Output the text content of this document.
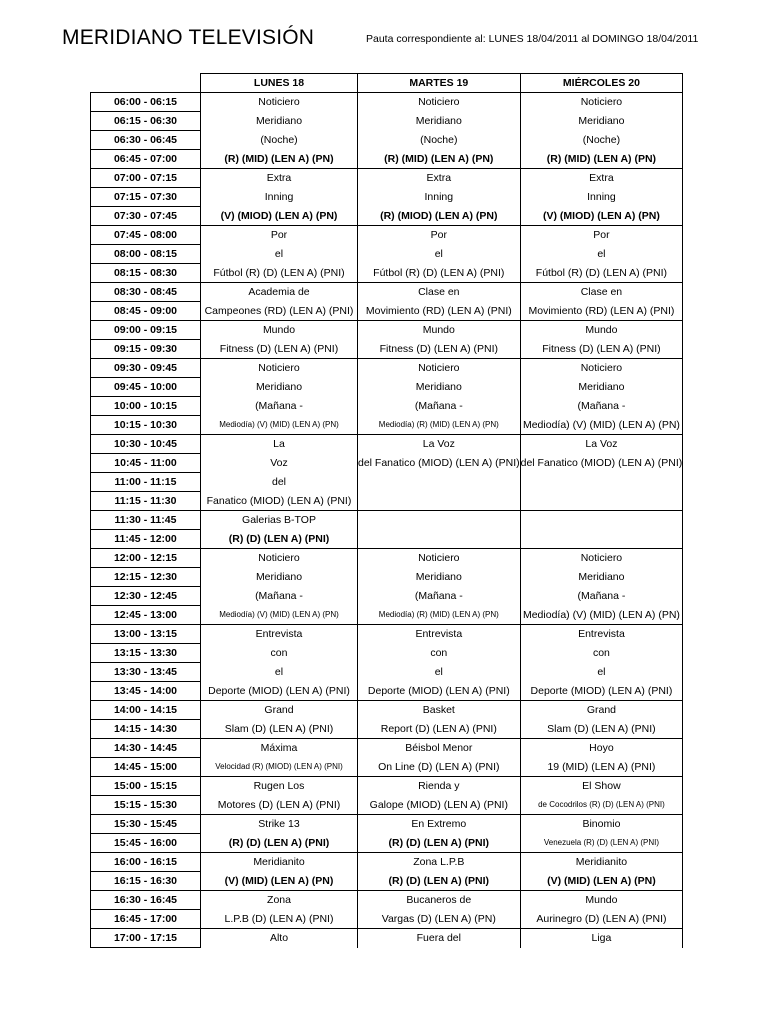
MERIDIANO TELEVISIÓN	Pauta correspondiente al: LUNES 18/04/2011 al DOMINGO 18/04/2011
	LUNES 18	MARTES 19	MIÉRCOLES 20
06:00 - 06:15	Noticiero	Noticiero	Noticiero
06:15 - 06:30	Meridiano	Meridiano	Meridiano
06:30 - 06:45	(Noche)	(Noche)	(Noche)
06:45 - 07:00	(R) (MID) (LEN A) (PN)	(R) (MID) (LEN A) (PN)	(R) (MID) (LEN A) (PN)
07:00 - 07:15	Extra	Extra	Extra
07:15 - 07:30	Inning	Inning	Inning
07:30 - 07:45	(V) (MIOD) (LEN A) (PN)	(R) (MIOD) (LEN A) (PN)	(V) (MIOD) (LEN A) (PN)
07:45 - 08:00	Por	Por	Por
08:00 - 08:15	el	el	el
08:15 - 08:30	Fútbol (R) (D) (LEN A) (PNI)	Fútbol (R) (D) (LEN A) (PNI)	Fútbol (R) (D) (LEN A) (PNI)
08:30 - 08:45	Academia de	Clase en	Clase en
08:45 - 09:00	Campeones (RD) (LEN A) (PNI)	Movimiento (RD) (LEN A) (PNI)	Movimiento (RD) (LEN A) (PNI)
09:00 - 09:15	Mundo	Mundo	Mundo
09:15 - 09:30	Fitness (D) (LEN A) (PNI)	Fitness (D) (LEN A) (PNI)	Fitness (D) (LEN A) (PNI)
09:30 - 09:45	Noticiero	Noticiero	Noticiero
09:45 - 10:00	Meridiano	Meridiano	Meridiano
10:00 - 10:15	(Mañana -	(Mañana -	(Mañana -
10:15 - 10:30	Mediodía) (V) (MID) (LEN A) (PN)	Mediodía) (R) (MID) (LEN A) (PN)	Mediodía) (V) (MID) (LEN A) (PN)
10:30 - 10:45	La	La Voz	La Voz
10:45 - 11:00	Voz	del Fanatico (MIOD) (LEN A) (PNI)	del Fanatico (MIOD) (LEN A) (PNI)
11:00 - 11:15	del		
11:15 - 11:30	Fanatico (MIOD) (LEN A) (PNI)		
11:30 - 11:45	Galerias B-TOP		
11:45 - 12:00	(R) (D) (LEN A) (PNI)		
12:00 - 12:15	Noticiero	Noticiero	Noticiero
12:15 - 12:30	Meridiano	Meridiano	Meridiano
12:30 - 12:45	(Mañana -	(Mañana -	(Mañana -
12:45 - 13:00	Mediodía) (V) (MID) (LEN A) (PN)	Mediodía) (R) (MID) (LEN A) (PN)	Mediodía) (V) (MID) (LEN A) (PN)
13:00 - 13:15	Entrevista	Entrevista	Entrevista
13:15 - 13:30	con	con	con
13:30 - 13:45	el	el	el
13:45 - 14:00	Deporte (MIOD) (LEN A) (PNI)	Deporte (MIOD) (LEN A) (PNI)	Deporte (MIOD) (LEN A) (PNI)
14:00 - 14:15	Grand	Basket	Grand
14:15 - 14:30	Slam (D) (LEN A) (PNI)	Report (D) (LEN A) (PNI)	Slam (D) (LEN A) (PNI)
14:30 - 14:45	Máxima	Béisbol Menor	Hoyo
14:45 - 15:00	Velocidad (R) (MIOD) (LEN A) (PNI)	On Line (D) (LEN A) (PNI)	19 (MID) (LEN A) (PNI)
15:00 - 15:15	Rugen Los	Rienda y	El Show
15:15 - 15:30	Motores (D) (LEN A) (PNI)	Galope (MIOD) (LEN A) (PNI)	de Cocodrilos (R) (D) (LEN A) (PNI)
15:30 - 15:45	Strike 13	En Extremo	Binomio
15:45 - 16:00	(R) (D) (LEN A) (PNI)	(R) (D) (LEN A) (PNI)	Venezuela (R) (D) (LEN A) (PNI)
16:00 - 16:15	Meridianito	Zona L.P.B	Meridianito
16:15 - 16:30	(V) (MID) (LEN A) (PN)	(R) (D) (LEN A) (PNI)	(V) (MID) (LEN A) (PN)
16:30 - 16:45	Zona	Bucaneros de	Mundo
16:45 - 17:00	L.P.B (D) (LEN A) (PNI)	Vargas (D) (LEN A) (PN)	Aurinegro (D) (LEN A) (PNI)
17:00 - 17:15	Alto	Fuera del	Liga
